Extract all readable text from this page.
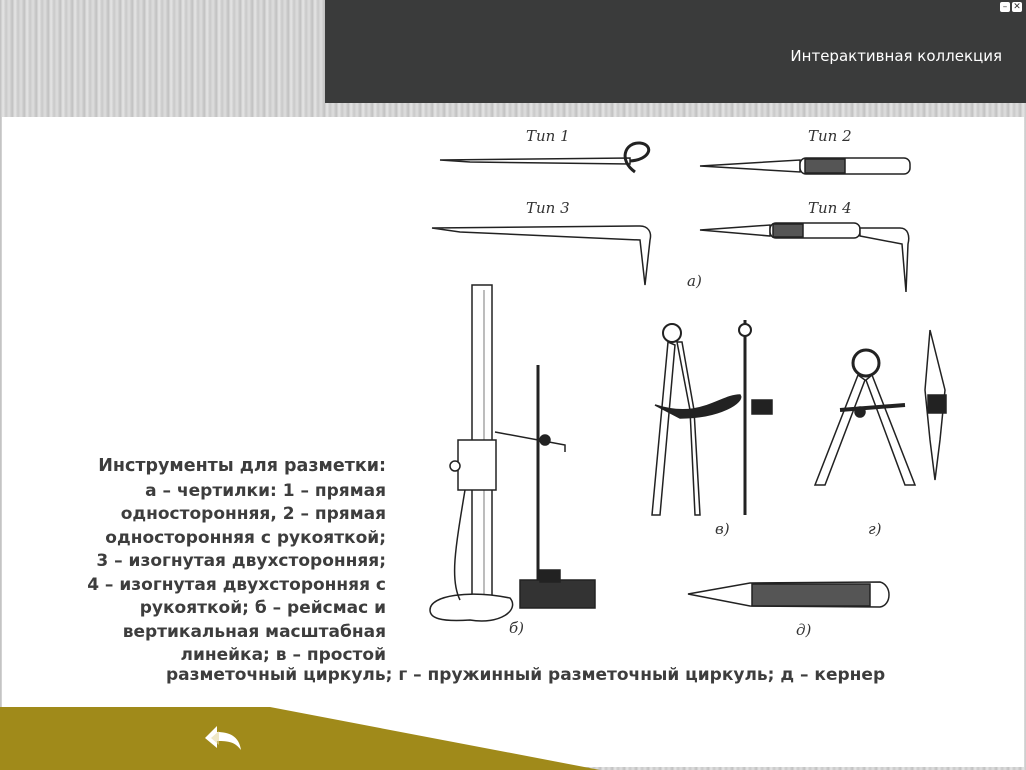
Интерактивная коллекция
– ✕
Тип 1	Тип 2
Тип 3	Тип 4
а)
б)
в)	г)
д)
Инструменты для разметки:
а – чертилки: 1 – прямая
односторонняя, 2 – прямая
односторонняя с рукояткой;
3 – изогнутая двухсторонняя;
4 – изогнутая двухсторонняя с
рукояткой; б – рейсмас и
вертикальная масштабная
линейка; в – простой
разметочный циркуль; г – пружинный разметочный циркуль; д – кернер
